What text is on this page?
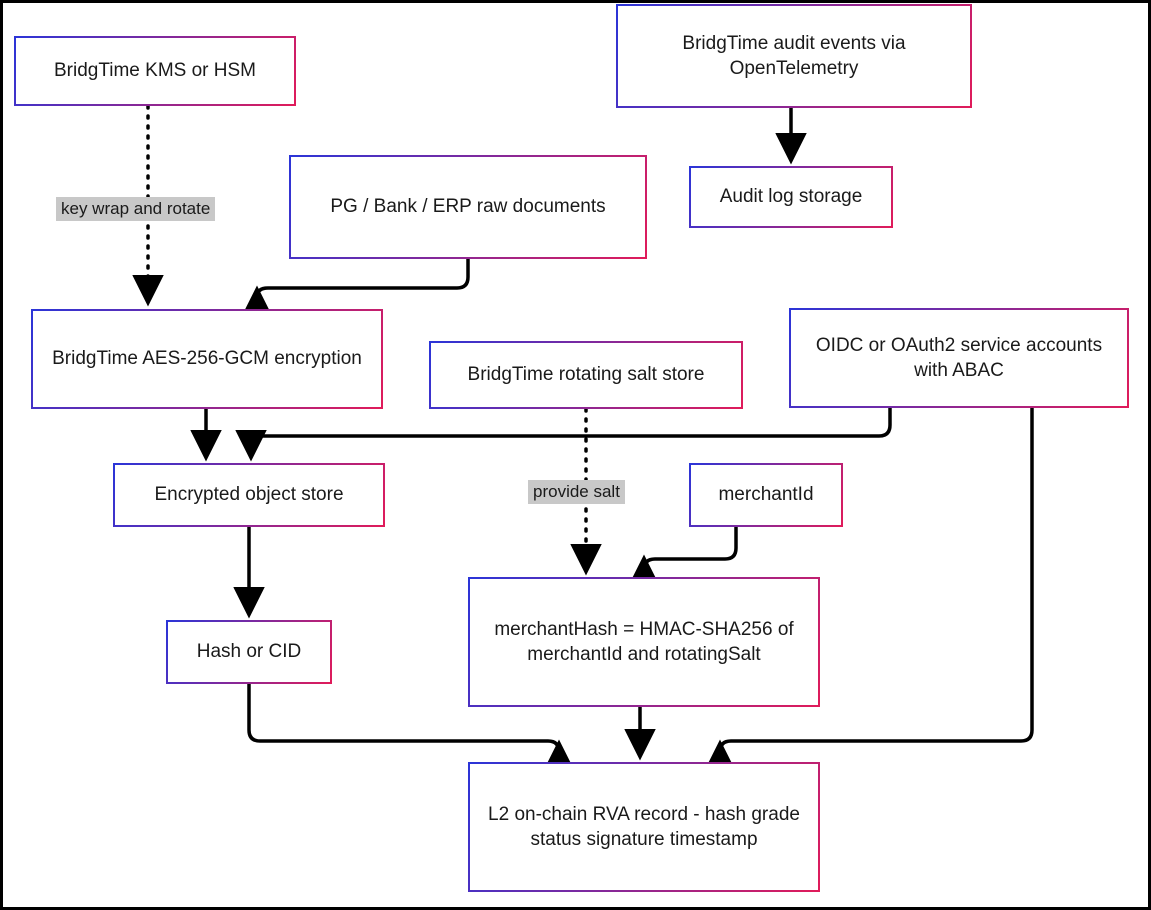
BridgTime KMS or HSM
BridgTime audit events via OpenTelemetry
PG / Bank / ERP raw documents	Audit log storage
BridgTime AES-256-GCM encryption
BridgTime rotating salt store
OIDC or OAuth2 service accounts with ABAC
Encrypted object store	merchantId
Hash or CID
merchantHash = HMAC-SHA256 of merchantId and rotatingSalt
L2 on-chain RVA record - hash grade status signature timestamp
key wrap and rotate
provide salt
